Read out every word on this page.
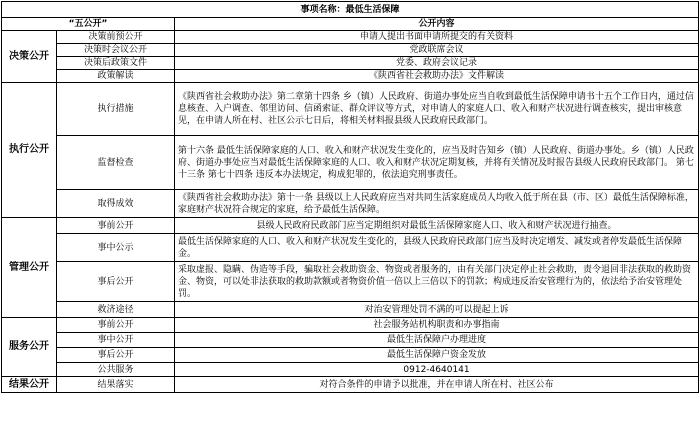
事项名称：最低生活保障		
“五公开”		公开内容
决策公开	决策前预公开	申请人提出书面申请所提交的有关资料
	决策时会议公开	党政联席会议
	决策后政策文件	党委、政府会议记录
	政策解读	《陕西省社会救助办法》文件解读
执行公开	执行措施	《陕西省社会救助办法》第二章第十四条 乡（镇）人民政府、街道办事处应当自收到最低生活保障申请书十五个工作日内，通过信息核查、入户调查、邻里访问、信函索证、群众评议等方式，对申请人的家庭人口、收入和财产状况进行调查核实，提出审核意见，在申请人所在村、社区公示七日后，将相关材料报县级人民政府民政部门。
	监督检查	第十六条 最低生活保障家庭的人口、收入和财产状况发生变化的，应当及时告知乡（镇）人民政府、街道办事处。乡（镇）人民政府、街道办事处应当对最低生活保障家庭的人口、收入和财产状况定期复核，并将有关情况及时报告县级人民政府民政部门。 第七十三条 第七十四条 违反本办法规定，构成犯罪的，依法追究刑事责任。
	取得成效	《陕西省社会救助办法》第十一条 县级以上人民政府应当对共同生活家庭成员人均收入低于所在县（市、区）最低生活保障标准，家庭财产状况符合规定的家庭，给予最低生活保障。
管理公开	事前公开	县级人民政府民政部门应当定期组织对最低生活保障家庭人口、收入和财产状况进行抽查。
	事中公示	最低生活保障家庭的人口、收入和财产状况发生变化的，县级人民政府民政部门应当及时决定增发、减发或者停发最低生活保障金。
	事后公开	采取虚报、隐瞒、伪造等手段，骗取社会救助资金、物资或者服务的，由有关部门决定停止社会救助，责令退回非法获取的救助资金、物资，可以处非法获取的救助款额或者物资价值一倍以上三倍以下的罚款；构成违反治安管理行为的，依法给予治安管理处罚。
	救济途径	对治安管理处罚不满的可以提起上诉
服务公开	事前公开	社会服务站机构职责和办事指南
	事中公开	最低生活保障户办理进度
	事后公开	最低生活保障户资金发放
	公共服务	0912-4640141
结果公开	结果落实	对符合条件的申请予以批准，并在申请人所在村、社区公布
